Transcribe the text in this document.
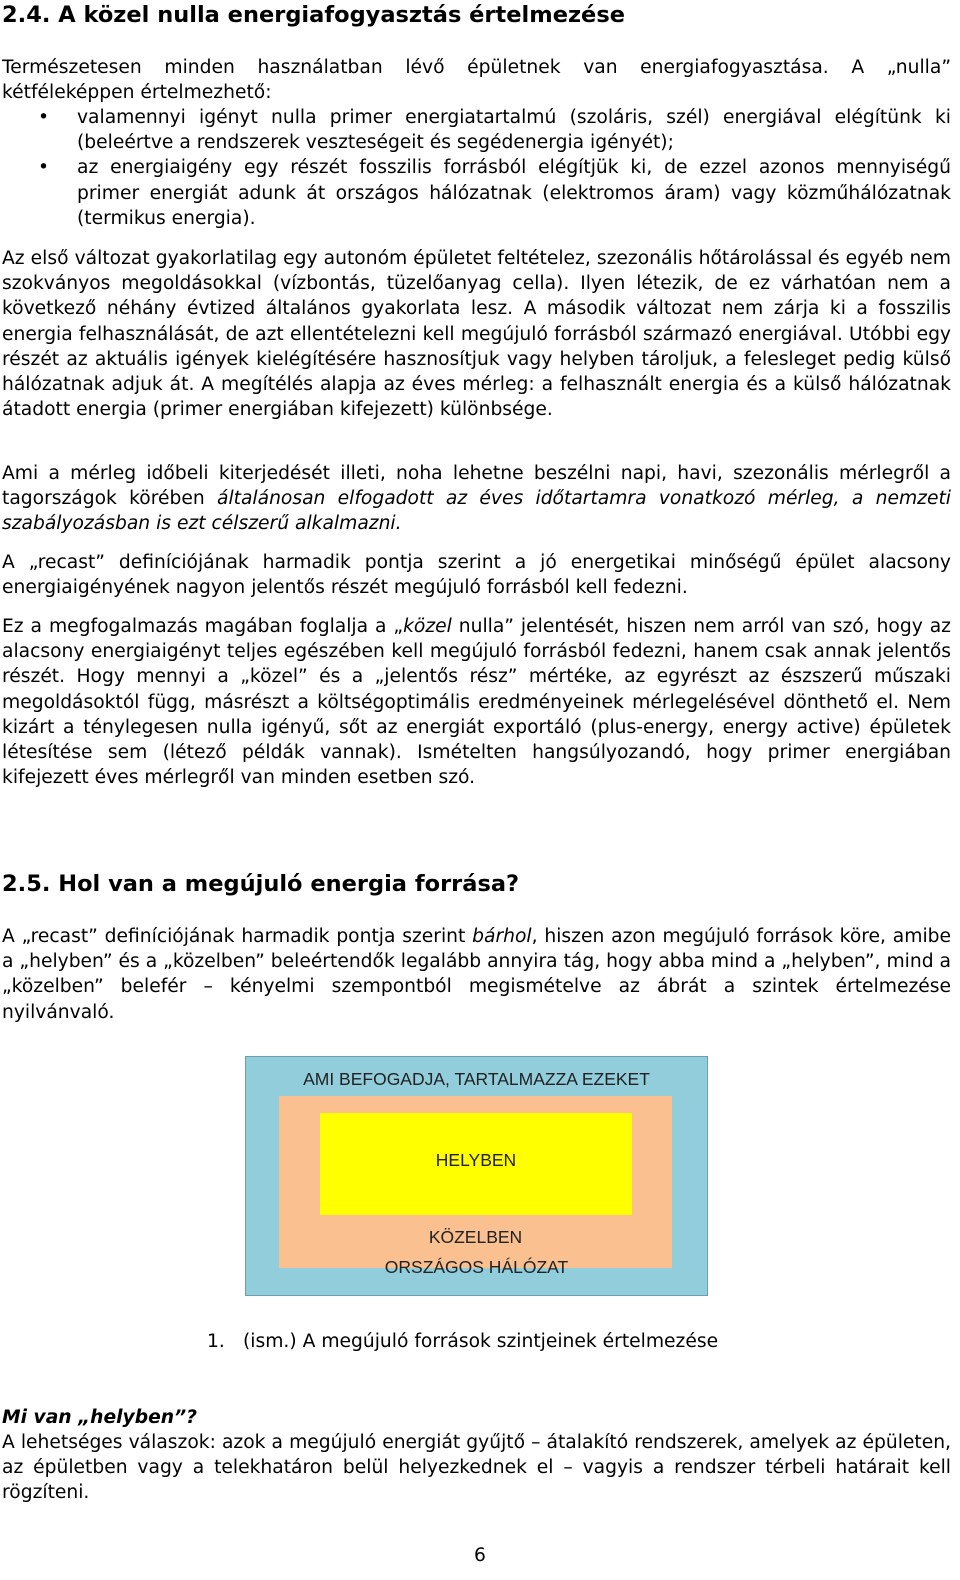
2.4. A közel nulla energiafogyasztás értelmezése

Természetesen minden használatban lévő épületnek van energiafogyasztása. A „nulla” kétféleképpen értelmezhető:

• valamennyi igényt nulla primer energiatartalmú (szoláris, szél) energiával elégítünk ki (beleértve a rendszerek veszteségeit és segédenergia igényét);
• az energiaigény egy részét fosszilis forrásból elégítjük ki, de ezzel azonos mennyiségű primer energiát adunk át országos hálózatnak (elektromos áram) vagy közműhálózatnak (termikus energia).

Az első változat gyakorlatilag egy autonóm épületet feltételez, szezonális hőtárolással és egyéb nem szokványos megoldásokkal (vízbontás, tüzelőanyag cella). Ilyen létezik, de ez várhatóan nem a következő néhány évtized általános gyakorlata lesz. A második változat nem zárja ki a fosszilis energia felhasználását, de azt ellentételezni kell megújuló forrásból származó energiával. Utóbbi egy részét az aktuális igények kielégítésére hasznosítjuk vagy helyben tároljuk, a felesleget pedig külső hálózatnak adjuk át. A megítélés alapja az éves mérleg: a felhasznált energia és a külső hálózatnak átadott energia (primer energiában kifejezett) különbsége.

Ami a mérleg időbeli kiterjedését illeti, noha lehetne beszélni napi, havi, szezonális mérlegről a tagországok körében általánosan elfogadott az éves időtartamra vonatkozó mérleg, a nemzeti szabályozásban is ezt célszerű alkalmazni.

A „recast” definíciójának harmadik pontja szerint a jó energetikai minőségű épület alacsony energiaigényének nagyon jelentős részét megújuló forrásból kell fedezni.

Ez a megfogalmazás magában foglalja a „közel nulla” jelentését, hiszen nem arról van szó, hogy az alacsony energiaigényt teljes egészében kell megújuló forrásból fedezni, hanem csak annak jelentős részét. Hogy mennyi a „közel” és a „jelentős rész” mértéke, az egyrészt az észszerű műszaki megoldásoktól függ, másrészt a költségoptimális eredményeinek mérlegelésével dönthető el. Nem kizárt a ténylegesen nulla igényű, sőt az energiát exportáló (plus-energy, energy active) épületek létesítése sem (létező példák vannak). Ismételten hangsúlyozandó, hogy primer energiában kifejezett éves mérlegről van minden esetben szó.

2.5. Hol van a megújuló energia forrása?

A „recast” definíciójának harmadik pontja szerint bárhol, hiszen azon megújuló források köre, amibe a „helyben” és a „közelben” beleértendők legalább annyira tág, hogy abba mind a „helyben”, mind a „közelben” belefér – kényelmi szempontból megismételve az ábrát a szintek értelmezése nyilvánvaló.

AMI BEFOGADJA, TARTALMAZZA EZEKET
HELYBEN
KÖZELBEN
ORSZÁGOS HÁLÓZAT
1. (ism.) A megújuló források szintjeinek értelmezése

Mi van „helyben”?

A lehetséges válaszok: azok a megújuló energiát gyűjtő – átalakító rendszerek, amelyek az épületen, az épületben vagy a telekhatáron belül helyezkednek el – vagyis a rendszer térbeli határait kell rögzíteni.

6
